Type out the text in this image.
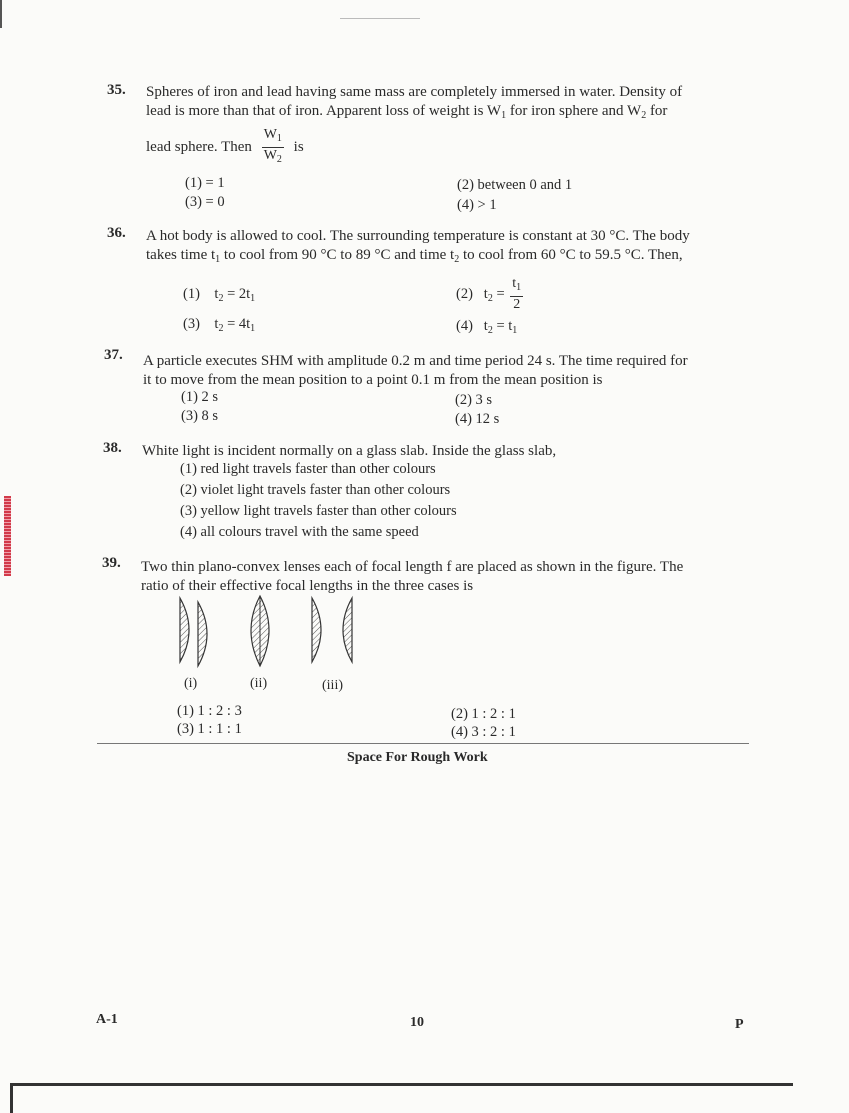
35. Spheres of iron and lead having same mass are completely immersed in water. Density of
lead is more than that of iron. Apparent loss of weight is $W_1$ for iron sphere and $W_2$ for
lead sphere. Then $\frac{W_1}{W_2}$ is
(1) = 1	(2) between 0 and 1
(3) = 0	(4) > 1
36. A hot body is allowed to cool. The surrounding temperature is constant at 30 °C. The body
takes time $t_1$ to cool from 90 °C to 89 °C and time $t_2$ to cool from 60 °C to 59.5 °C. Then,
(1) $t_2 = 2t_1$	(2) $t_2 = \frac{t_1}{2}$
(3) $t_2 = 4t_1$	(4) $t_2 = t_1$
37. A particle executes SHM with amplitude 0.2 m and time period 24 s. The time required for
it to move from the mean position to a point 0.1 m from the mean position is
(1) 2 s	(2) 3 s
(3) 8 s	(4) 12 s
38. White light is incident normally on a glass slab. Inside the glass slab,
(1) red light travels faster than other colours
(2) violet light travels faster than other colours
(3) yellow light travels faster than other colours
(4) all colours travel with the same speed
39. Two thin plano-convex lenses each of focal length f are placed as shown in the figure. The
ratio of their effective focal lengths in the three cases is
(i)	(ii)	(iii)
(1) 1 : 2 : 3	(2) 1 : 2 : 1
(3) 1 : 1 : 1	(4) 3 : 2 : 1
Space For Rough Work
A-1	10	P
